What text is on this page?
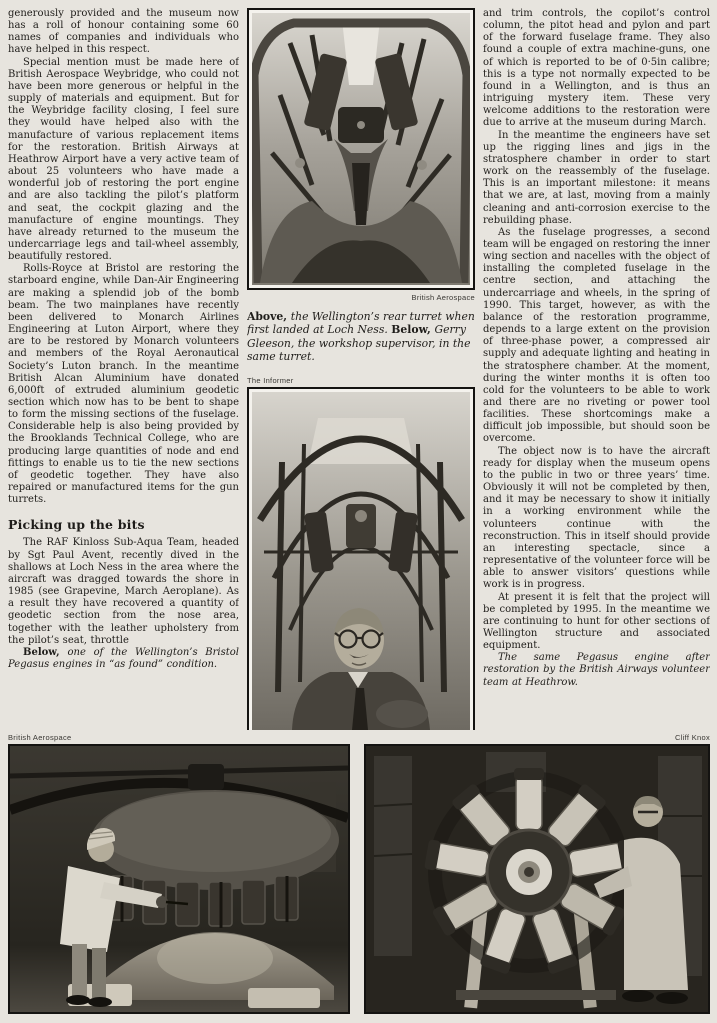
generously provided and the museum now has a roll of honour containing some 60 names of companies and individuals who have helped in this respect.

Special mention must be made here of British Aerospace Weybridge, who could not have been more generous or helpful in the supply of materials and equipment. But for the Weybridge facility closing, I feel sure they would have helped also with the manufacture of various replacement items for the restoration. British Airways at Heathrow Airport have a very active team of about 25 volunteers who have made a wonderful job of restoring the port engine and are also tackling the pilot’s platform and seat, the cockpit glazing and the manufacture of engine mountings. They have already returned to the museum the undercarriage legs and tail-wheel assembly, beautifully restored.

Rolls-Royce at Bristol are restoring the starboard engine, while Dan-Air Engineering are making a splendid job of the bomb beam. The two mainplanes have recently been delivered to Monarch Airlines Engineering at Luton Airport, where they are to be restored by Monarch volunteers and members of the Royal Aeronautical Society’s Luton branch. In the meantime British Alcan Aluminium have donated 6,000ft of extruded aluminium geodetic section which now has to be bent to shape to form the missing sections of the fuselage. Considerable help is also being provided by the Brooklands Technical College, who are producing large quantities of node and end fittings to enable us to tie the new sections of geodetic together. They have also repaired or manufactured items for the gun turrets.

Picking up the bits

The RAF Kinloss Sub-Aqua Team, headed by Sgt Paul Avent, recently dived in the shallows at Loch Ness in the area where the aircraft was dragged towards the shore in 1985 (see Grapevine, March Aeroplane). As a result they have recovered a quantity of geodetic section from the nose area, together with the leather upholstery from the pilot’s seat, throttle

Below, one of the Wellington’s Bristol Pegasus engines in “as found” condition.

British Aerospace

Above, the Wellington’s rear turret when first landed at Loch Ness. Below, Gerry Gleeson, the workshop supervisor, in the same turret.

The Informer

and trim controls, the copilot’s control column, the pitot head and pylon and part of the forward fuselage frame. They also found a couple of extra machine-guns, one of which is reported to be of 0·5in calibre; this is a type not normally expected to be found in a Wellington, and is thus an intriguing mystery item. These very welcome additions to the restoration were due to arrive at the museum during March.

In the meantime the engineers have set up the rigging lines and jigs in the stratosphere chamber in order to start work on the reassembly of the fuselage. This is an important milestone: it means that we are, at last, moving from a mainly cleaning and anti-corrosion exercise to the rebuilding phase.

As the fuselage progresses, a second team will be engaged on restoring the inner wing section and nacelles with the object of installing the completed fuselage in the centre section, and attaching the undercarriage and wheels, in the spring of 1990. This target, however, as with the balance of the restoration programme, depends to a large extent on the provision of three-phase power, a compressed air supply and adequate lighting and heating in the stratosphere chamber. At the moment, during the winter months it is often too cold for the volunteers to be able to work and there are no riveting or power tool facilities. These shortcomings make a difficult job impossible, but should soon be overcome.

The object now is to have the aircraft ready for display when the museum opens to the public in two or three years’ time. Obviously it will not be completed by then, and it may be necessary to show it initially in a working environment while the volunteers continue with the reconstruction. This in itself should provide an interesting spectacle, since a representative of the volunteer force will be able to answer visitors’ questions while work is in progress.

At present it is felt that the project will be completed by 1995. In the meantime we are continuing to hunt for other sections of Wellington structure and associated equipment.

The same Pegasus engine after restoration by the British Airways volunteer team at Heathrow.

British Aerospace	Cliff Knox
